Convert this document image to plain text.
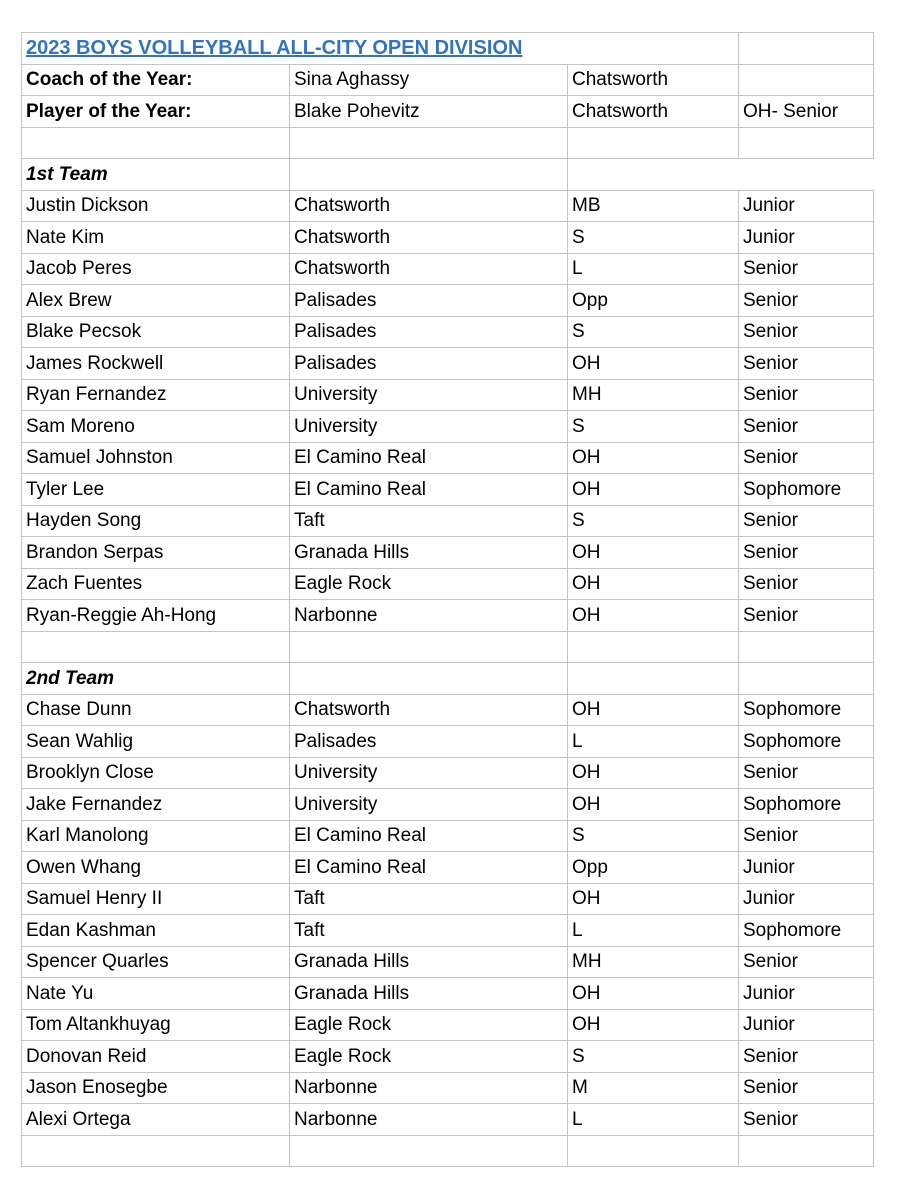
2023 BOYS VOLLEYBALL ALL-CITY OPEN DIVISION			
Coach of the Year:	Sina Aghassy	Chatsworth	
Player of the Year:	Blake Pohevitz	Chatsworth	OH- Senior

1st Team			
Justin Dickson	Chatsworth	MB	Junior
Nate Kim	Chatsworth	S	Junior
Jacob Peres	Chatsworth	L	Senior
Alex Brew	Palisades	Opp	Senior
Blake Pecsok	Palisades	S	Senior
James Rockwell	Palisades	OH	Senior
Ryan Fernandez	University	MH	Senior
Sam Moreno	University	S	Senior
Samuel Johnston	El Camino Real	OH	Senior
Tyler Lee	El Camino Real	OH	Sophomore
Hayden Song	Taft	S	Senior
Brandon Serpas	Granada Hills	OH	Senior
Zach Fuentes	Eagle Rock	OH	Senior
Ryan-Reggie Ah-Hong	Narbonne	OH	Senior

2nd Team			
Chase Dunn	Chatsworth	OH	Sophomore
Sean Wahlig	Palisades	L	Sophomore
Brooklyn Close	University	OH	Senior
Jake Fernandez	University	OH	Sophomore
Karl Manolong	El Camino Real	S	Senior
Owen Whang	El Camino Real	Opp	Junior
Samuel Henry II	Taft	OH	Junior
Edan Kashman	Taft	L	Sophomore
Spencer Quarles	Granada Hills	MH	Senior
Nate Yu	Granada Hills	OH	Junior
Tom Altankhuyag	Eagle Rock	OH	Junior
Donovan Reid	Eagle Rock	S	Senior
Jason Enosegbe	Narbonne	M	Senior
Alexi Ortega	Narbonne	L	Senior
